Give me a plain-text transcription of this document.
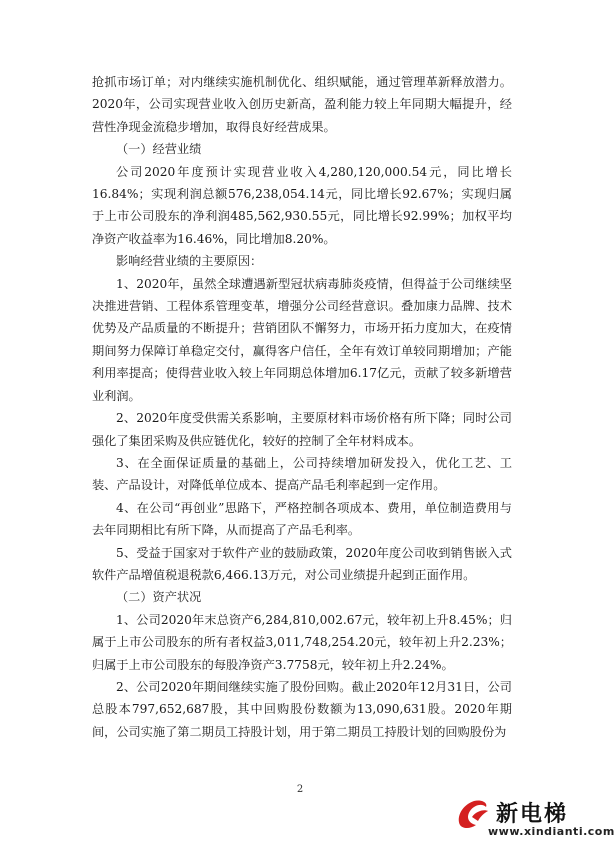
抢抓市场订单；对内继续实施机制优化、组织赋能，通过管理革新释放潜力。2020年，公司实现营业收入创历史新高，盈利能力较上年同期大幅提升，经营性净现金流稳步增加，取得良好经营成果。

（一）经营业绩

公司2020年度预计实现营业收入4,280,120,000.54元，同比增长16.84%；实现利润总额576,238,054.14元，同比增长92.67%；实现归属于上市公司股东的净利润485,562,930.55元，同比增长92.99%；加权平均净资产收益率为16.46%，同比增加8.20%。

影响经营业绩的主要原因：

1、2020年，虽然全球遭遇新型冠状病毒肺炎疫情，但得益于公司继续坚决推进营销、工程体系管理变革，增强分公司经营意识。叠加康力品牌、技术优势及产品质量的不断提升；营销团队不懈努力，市场开拓力度加大，在疫情期间努力保障订单稳定交付，赢得客户信任，全年有效订单较同期增加；产能利用率提高；使得营业收入较上年同期总体增加6.17亿元，贡献了较多新增营业利润。

2、2020年度受供需关系影响，主要原材料市场价格有所下降；同时公司强化了集团采购及供应链优化，较好的控制了全年材料成本。

3、在全面保证质量的基础上，公司持续增加研发投入，优化工艺、工装、产品设计，对降低单位成本、提高产品毛利率起到一定作用。

4、在公司“再创业”思路下，严格控制各项成本、费用，单位制造费用与去年同期相比有所下降，从而提高了产品毛利率。

5、受益于国家对于软件产业的鼓励政策，2020年度公司收到销售嵌入式软件产品增值税退税款6,466.13万元，对公司业绩提升起到正面作用。

（二）资产状况

1、公司2020年末总资产6,284,810,002.67元，较年初上升8.45%；归属于上市公司股东的所有者权益3,011,748,254.20元，较年初上升2.23%；归属于上市公司股东的每股净资产3.7758元，较年初上升2.24%。

2、公司2020年期间继续实施了股份回购。截止2020年12月31日，公司总股本797,652,687股，其中回购股份数额为13,090,631股。2020年期间，公司实施了第二期员工持股计划，用于第二期员工持股计划的回购股份为

2
新电梯
www.xindianti.com
